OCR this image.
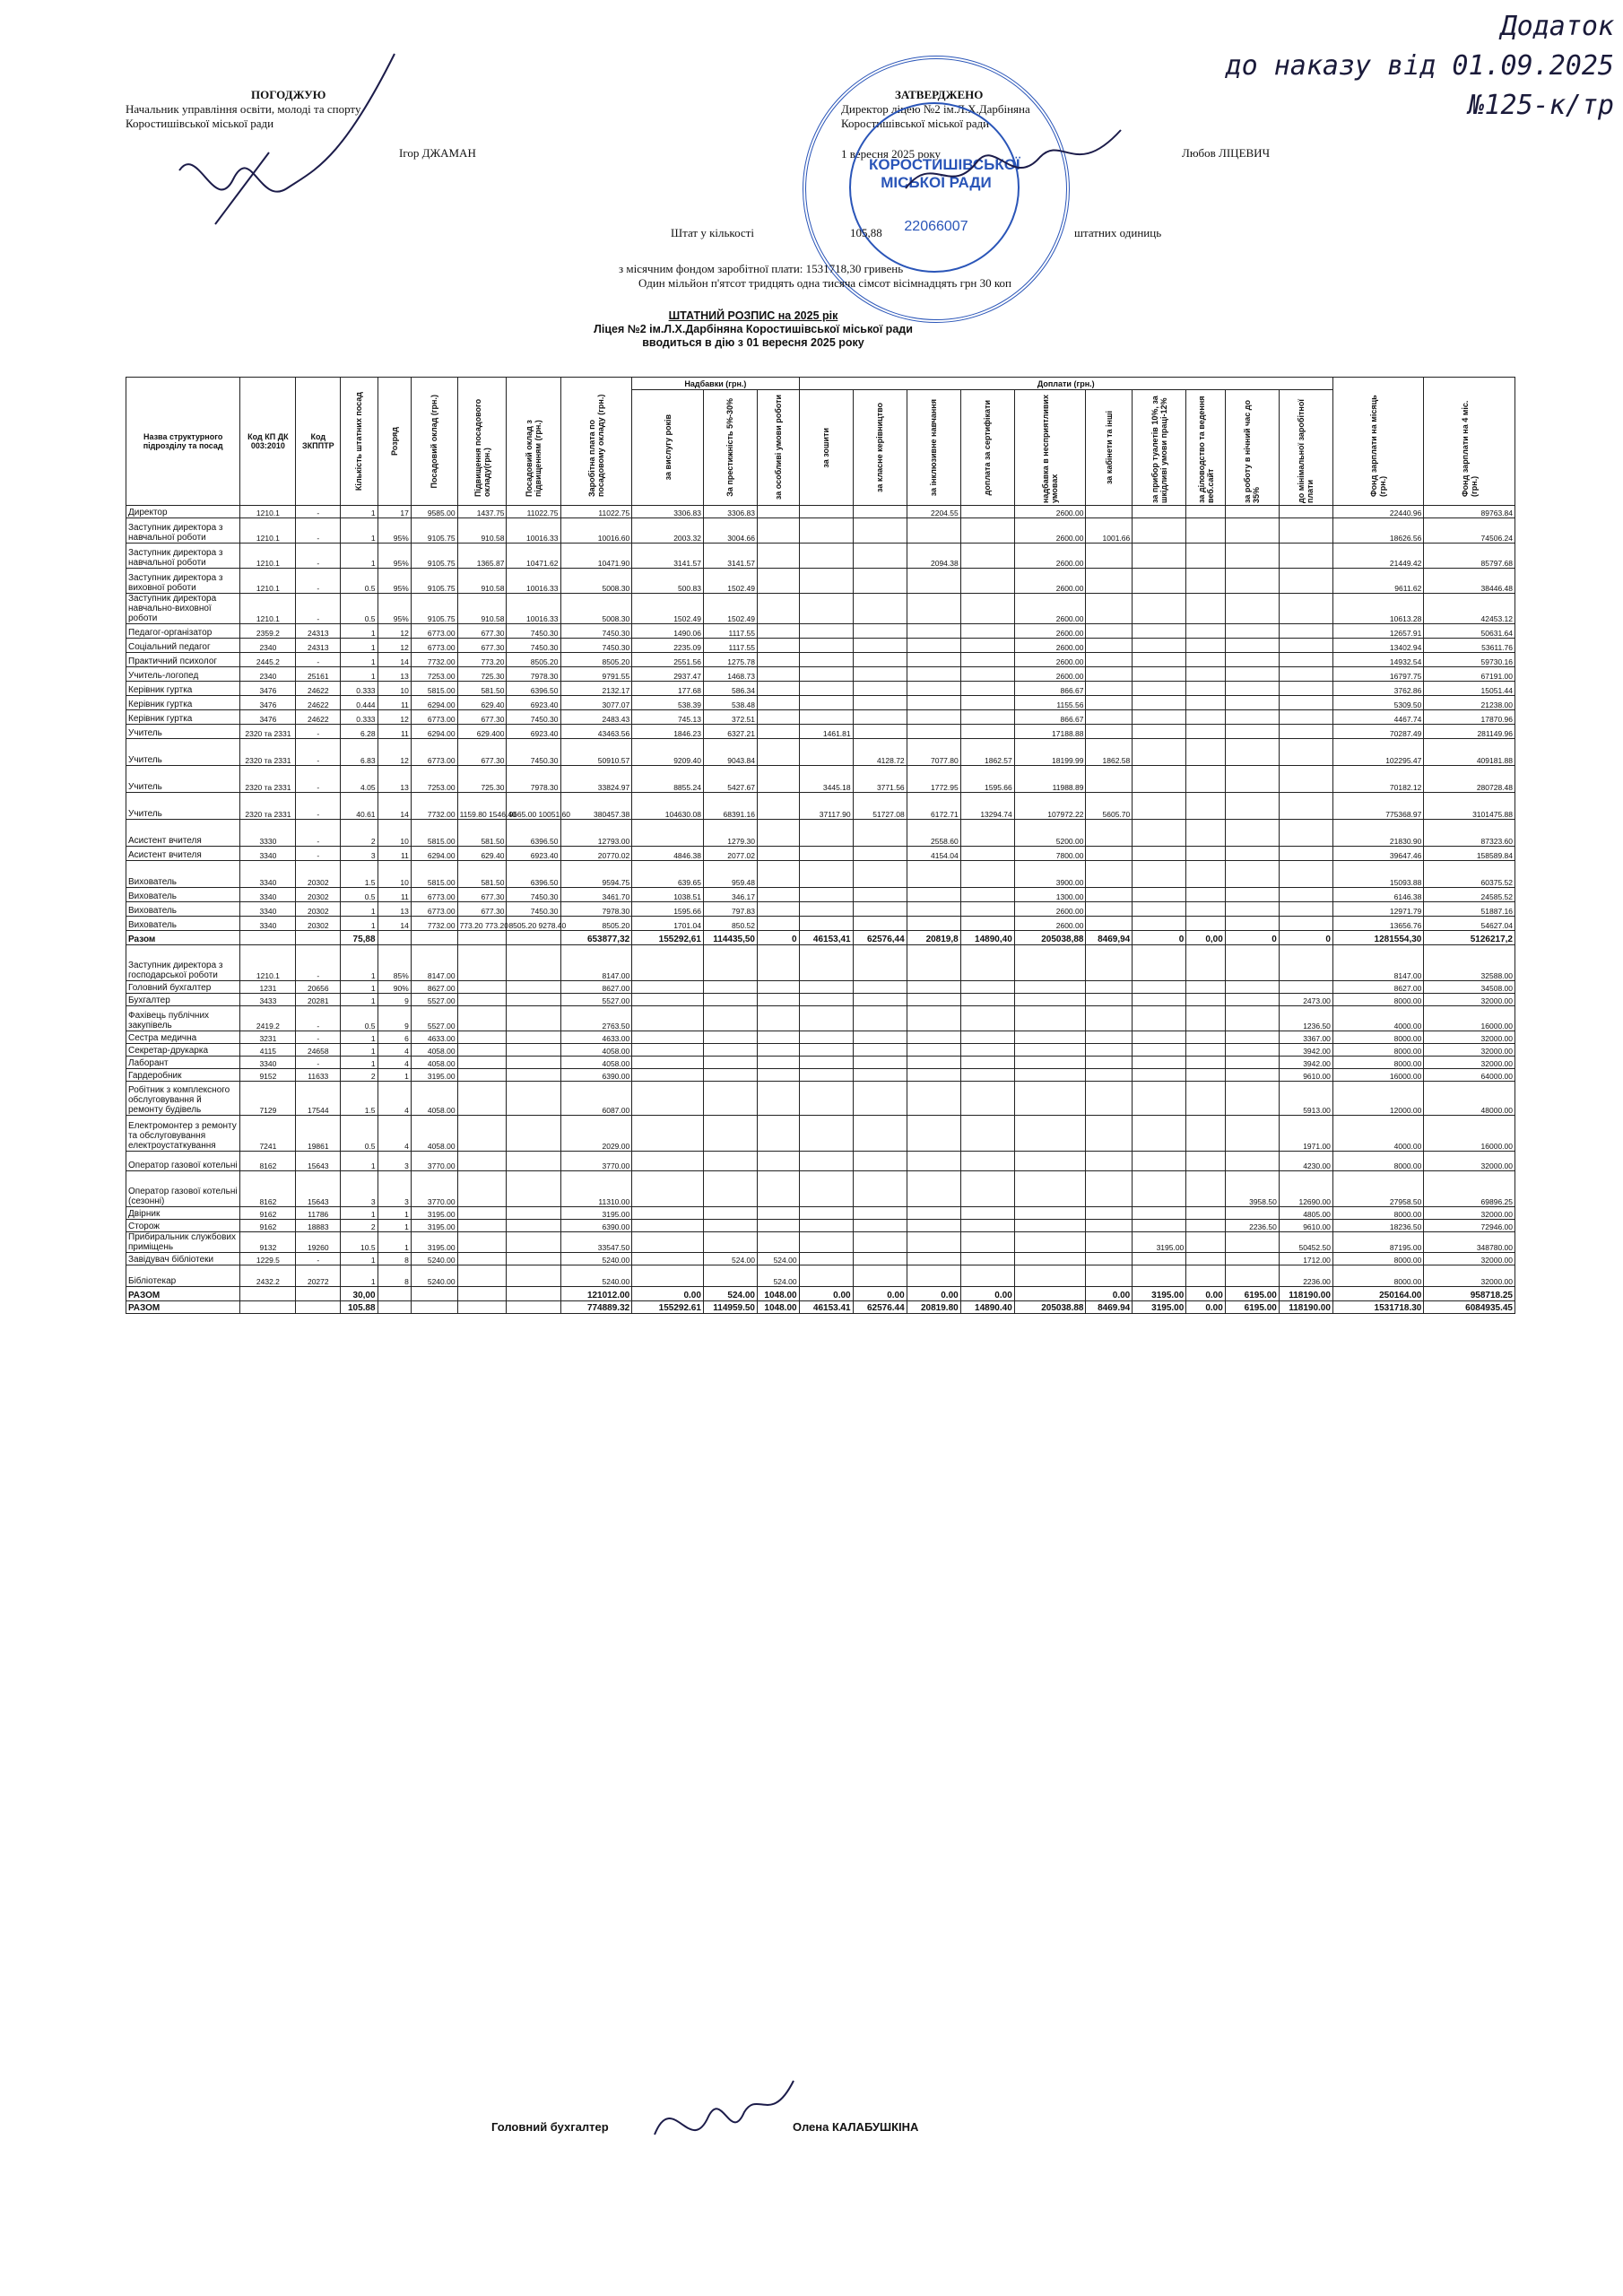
Додаток
до наказу від 01.09.2025
№125-к/тр
ПОГОДЖУЮ
Начальник управління освіти, молоді та спорту
Коростишівської міської ради
Ігор ДЖАМАН
ЗАТВЕРДЖЕНО
Директор ліцею №2 ім.Л.Х.Дарбіняна
Коростишівської міської ради
1 вересня 2025 року	Любов ЛІЦЕВИЧ
КОРОСТИШІВСЬКОЇ МІСЬКОЇ РАДИ
22066007
Штат у кількості	105,88	штатних одиниць
з місячним фондом заробітної плати: 1531718,30 гривень
Один мільйон п'ятсот тридцять одна тисяча сімсот вісімнадцять грн 30 коп
ШТАТНИЙ РОЗПИС на 2025 рік
Ліцея №2 ім.Л.Х.Дарбіняна Коростишівської міської ради
вводиться в дію з 01 вересня 2025 року
Назва структурного підрозділу та посад	Код КП ДК 003:2010	Код ЗКППТР	Кількість штатних посад	Розряд	Посадовий оклад (грн.)	Підвищення посадового окладу(грн.)	Посадовий оклад з підвищенням (грн.)	Заробітна плата по посадовому окладу (грн.)	Надбавки (грн.)			Доплати (грн.)										Фонд зарплати на місяць (грн.)	Фонд зарплати на 4 міс. (грн.)

									за вислугу років	За престижність 5%-30%	за особливі умови роботи	за зошити	за класне керівництво	за інклюзивне навчання	доплата за сертифікати	надбавка в несприятливих умовах	за кабінети та інші	за прибор туалетів 10%, за шкідливі умови праці-12%	за діловодство та ведення веб.сайт	за роботу в нічний час до 35%	до мінімальної заробітної плати		

Директор	1210.1	-	1	17	9585.00	1437.75	11022.75	11022.75	3306.83	3306.83				2204.55		2600.00						22440.96	89763.84
Заступник директора з навчальної роботи	1210.1	-	1	95%	9105.75	910.58	10016.33	10016.60	2003.32	3004.66						2600.00	1001.66					18626.56	74506.24
Заступник директора з навчальної роботи	1210.1	-	1	95%	9105.75	1365.87	10471.62	10471.90	3141.57	3141.57				2094.38		2600.00						21449.42	85797.68
Заступник директора з виховної роботи	1210.1	-	0.5	95%	9105.75	910.58	10016.33	5008.30	500.83	1502.49						2600.00						9611.62	38446.48
Заступник директора навчально-виховної роботи	1210.1	-	0.5	95%	9105.75	910.58	10016.33	5008.30	1502.49	1502.49						2600.00						10613.28	42453.12
Педагог-організатор	2359.2	24313	1	12	6773.00	677.30	7450.30	7450.30	1490.06	1117.55						2600.00						12657.91	50631.64
Соціальний педагог	2340	24313	1	12	6773.00	677.30	7450.30	7450.30	2235.09	1117.55						2600.00						13402.94	53611.76
Практичний психолог	2445.2	-	1	14	7732.00	773.20	8505.20	8505.20	2551.56	1275.78						2600.00						14932.54	59730.16
Учитель-логопед	2340	25161	1	13	7253.00	725.30	7978.30	9791.55	2937.47	1468.73						2600.00						16797.75	67191.00
Керівник гуртка	3476	24622	0.333	10	5815.00	581.50	6396.50	2132.17	177.68	586.34						866.67						3762.86	15051.44
Керівник гуртка	3476	24622	0.444	11	6294.00	629.40	6923.40	3077.07	538.39	538.48						1155.56						5309.50	21238.00
Керівник гуртка	3476	24622	0.333	12	6773.00	677.30	7450.30	2483.43	745.13	372.51						866.67						4467.74	17870.96
Учитель	2320 та 2331	-	6.28	11	6294.00	629.400	6923.40	43463.56	1846.23	6327.21		1461.81				17188.88						70287.49	281149.96
Учитель	2320 та 2331	-	6.83	12	6773.00	677.30	7450.30	50910.57	9209.40	9043.84			4128.72	7077.80	1862.57	18199.99	1862.58					102295.47	409181.88
Учитель	2320 та 2331	-	4.05	13	7253.00	725.30	7978.30	33824.97	8855.24	5427.67		3445.18	3771.56	1772.95	1595.66	11988.89						70182.12	280728.48
Учитель	2320 та 2331	-	40.61	14	7732.00	1159.80 1546.40	9665.00 10051.60	380457.38	104630.08	68391.16		37117.90	51727.08	6172.71	13294.74	107972.22	5605.70					775368.97	3101475.88
Асистент вчителя	3330	-	2	10	5815.00	581.50	6396.50	12793.00		1279.30				2558.60		5200.00						21830.90	87323.60
Асистент вчителя	3340	-	3	11	6294.00	629.40	6923.40	20770.02	4846.38	2077.02				4154.04		7800.00						39647.46	158589.84
Вихователь	3340	20302	1.5	10	5815.00	581.50	6396.50	9594.75	639.65	959.48						3900.00						15093.88	60375.52
Вихователь	3340	20302	0.5	11	6773.00	677.30	7450.30	3461.70	1038.51	346.17						1300.00						6146.38	24585.52
Вихователь	3340	20302	1	13	6773.00	677.30	7450.30	7978.30	1595.66	797.83						2600.00						12971.79	51887.16
Вихователь	3340	20302	1	14	7732.00	773.20 773.20	8505.20 9278.40	8505.20	1701.04	850.52						2600.00						13656.76	54627.04
Разом			75,88					653877,32	155292,61	114435,50	0	46153,41	62576,44	20819,8	14890,40	205038,88	8469,94	0	0,00	0	0	1281554,30	5126217,2
Заступник директора з господарської роботи	1210.1	-	1	85%	8147.00			8147.00														8147.00	32588.00
Головний бухгалтер	1231	20656	1	90%	8627.00			8627.00														8627.00	34508.00
Бухгалтер	3433	20281	1	9	5527.00			5527.00													2473.00	8000.00	32000.00
Фахівець публічних закупівель	2419.2	-	0.5	9	5527.00			2763.50													1236.50	4000.00	16000.00
Сестра медична	3231	-	1	6	4633.00			4633.00													3367.00	8000.00	32000.00
Секретар-друкарка	4115	24658	1	4	4058.00			4058.00													3942.00	8000.00	32000.00
Лаборант	3340	-	1	4	4058.00			4058.00													3942.00	8000.00	32000.00
Гардеробник	9152	11633	2	1	3195.00			6390.00													9610.00	16000.00	64000.00
Робітник з комплексного обслуговування й ремонту будівель	7129	17544	1.5	4	4058.00			6087.00													5913.00	12000.00	48000.00
Електромонтер з ремонту та обслуговування електроустаткування	7241	19861	0.5	4	4058.00			2029.00													1971.00	4000.00	16000.00
Оператор газової котельні	8162	15643	1	3	3770.00			3770.00													4230.00	8000.00	32000.00
Оператор газової котельні (сезонні)	8162	15643	3	3	3770.00			11310.00												3958.50	12690.00	27958.50	69896.25
Двірник	9162	11786	1	1	3195.00			3195.00													4805.00	8000.00	32000.00
Сторож	9162	18883	2	1	3195.00			6390.00												2236.50	9610.00	18236.50	72946.00
Прибиральник службових приміщень	9132	19260	10.5	1	3195.00			33547.50										3195.00			50452.50	87195.00	348780.00
Завідувач бібліотеки	1229.5	-	1	8	5240.00			5240.00		524.00	524.00										1712.00	8000.00	32000.00
Бібліотекар	2432.2	20272	1	8	5240.00			5240.00			524.00										2236.00	8000.00	32000.00
РАЗОМ			30,00					121012.00	0.00	524.00	1048.00	0.00	0.00	0.00	0.00		0.00	3195.00	0.00	6195.00	118190.00	250164.00	958718.25
РАЗОМ			105.88					774889.32	155292.61	114959.50	1048.00	46153.41	62576.44	20819.80	14890.40	205038.88	8469.94	3195.00	0.00	6195.00	118190.00	1531718.30	6084935.45
Головний бухгалтер	Олена КАЛАБУШКІНА
